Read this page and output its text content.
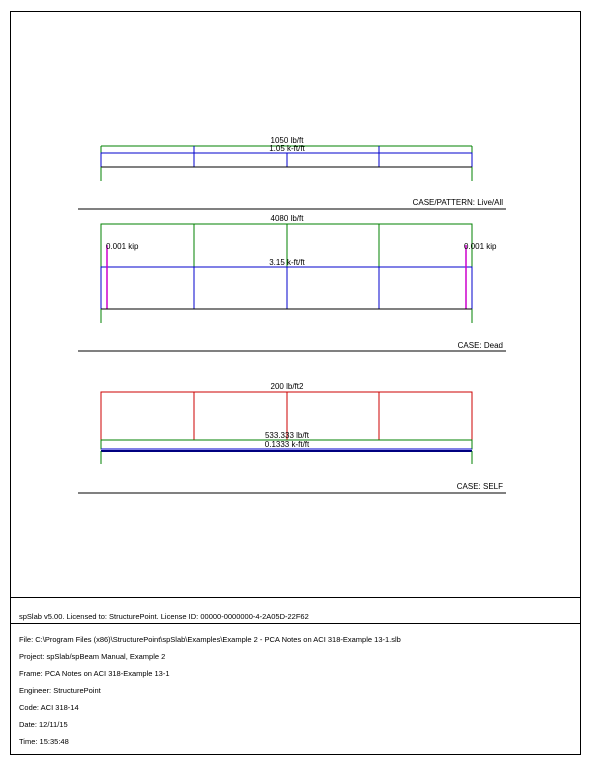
1050 lb/ft
1.05 k-ft/ft
CASE/PATTERN: Live/All
4080 lb/ft
0.001 kip	0.001 kip
3.15 k-ft/ft
CASE: Dead
200 lb/ft2
533.333 lb/ft
0.1333 k-ft/ft
CASE: SELF
spSlab v5.00. Licensed to: StructurePoint. License ID: 00000-0000000-4-2A05D-22F62
File: C:\Program Files (x86)\StructurePoint\spSlab\Examples\Example 2 - PCA Notes on ACI 318-Example 13-1.slb
Project: spSlab/spBeam Manual, Example 2
Frame: PCA Notes on ACI 318-Example 13-1
Engineer: StructurePoint
Code: ACI 318-14
Date: 12/11/15
Time: 15:35:48
